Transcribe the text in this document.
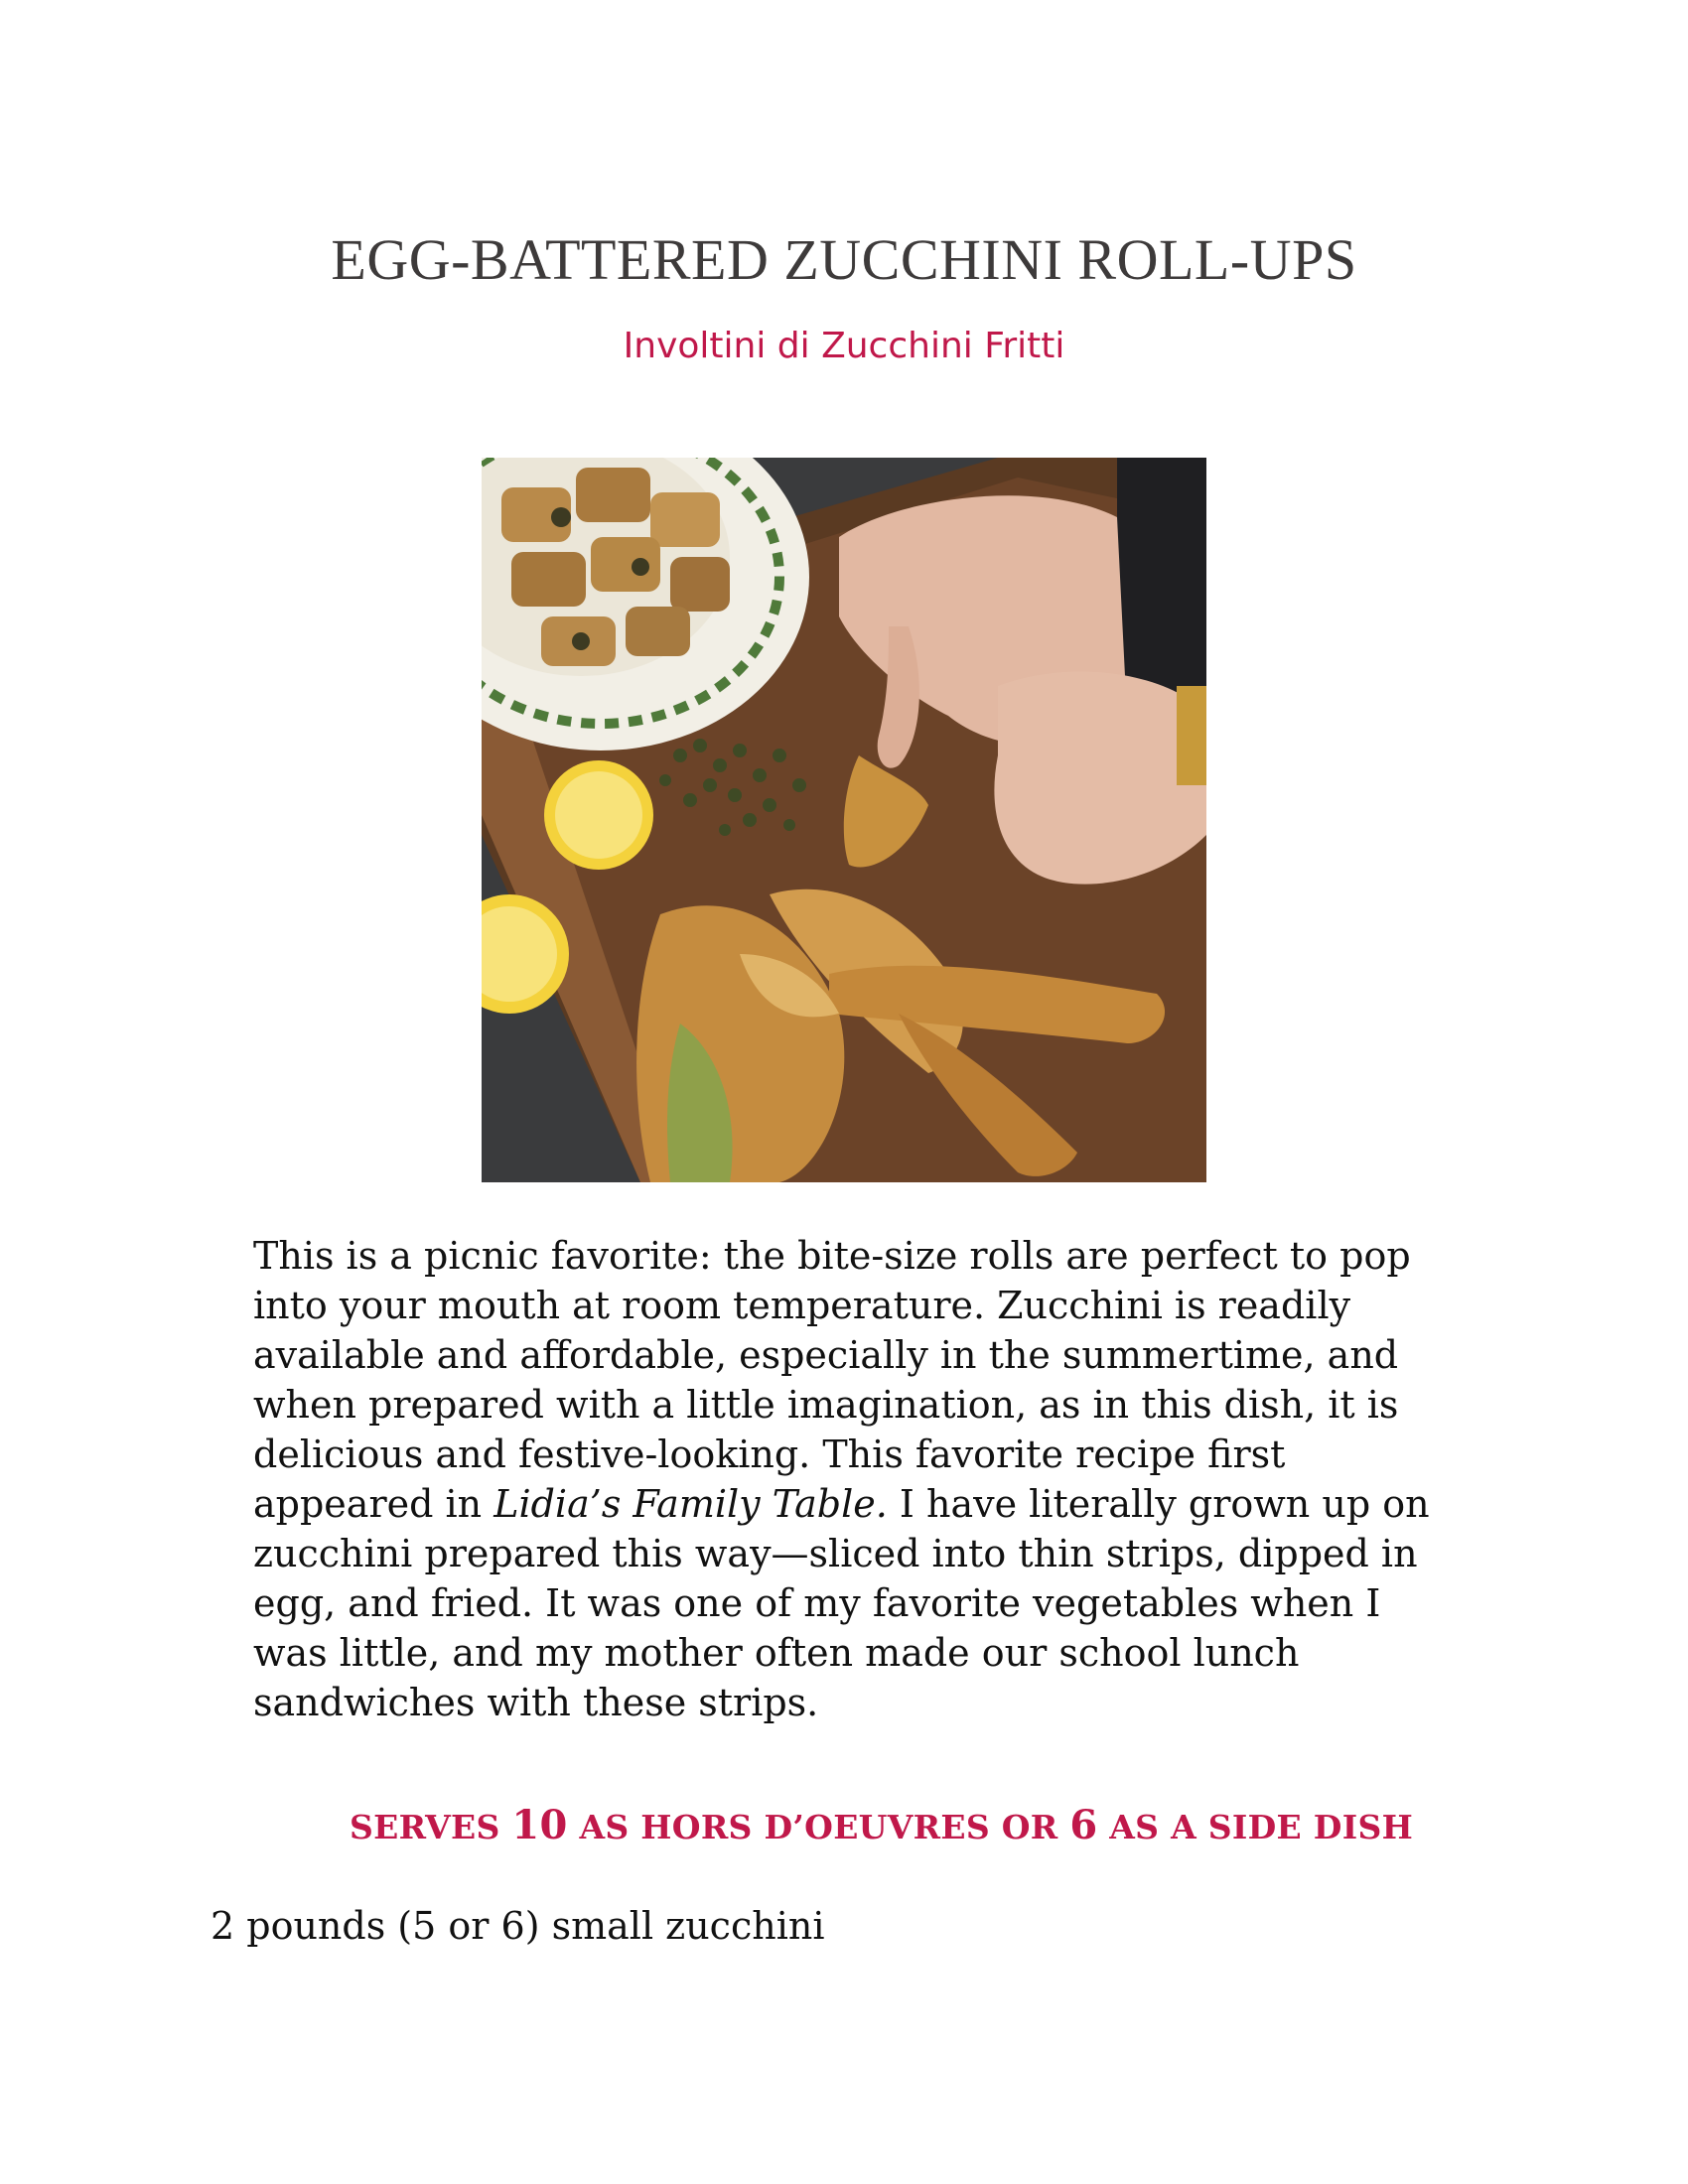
EGG-BATTERED ZUCCHINI ROLL-UPS
Involtini di Zucchini Fritti

This is a picnic favorite: the bite-size rolls are perfect to pop into your mouth at room temperature. Zucchini is readily available and affordable, especially in the summertime, and when prepared with a little imagination, as in this dish, it is delicious and festive-looking. This favorite recipe first appeared in Lidia’s Family Table. I have literally grown up on zucchini prepared this way—sliced into thin strips, dipped in egg, and fried. It was one of my favorite vegetables when I was little, and my mother often made our school lunch sandwiches with these strips.

SERVES 10 AS HORS D’OEUVRES OR 6 AS A SIDE DISH

2 pounds (5 or 6) small zucchini
